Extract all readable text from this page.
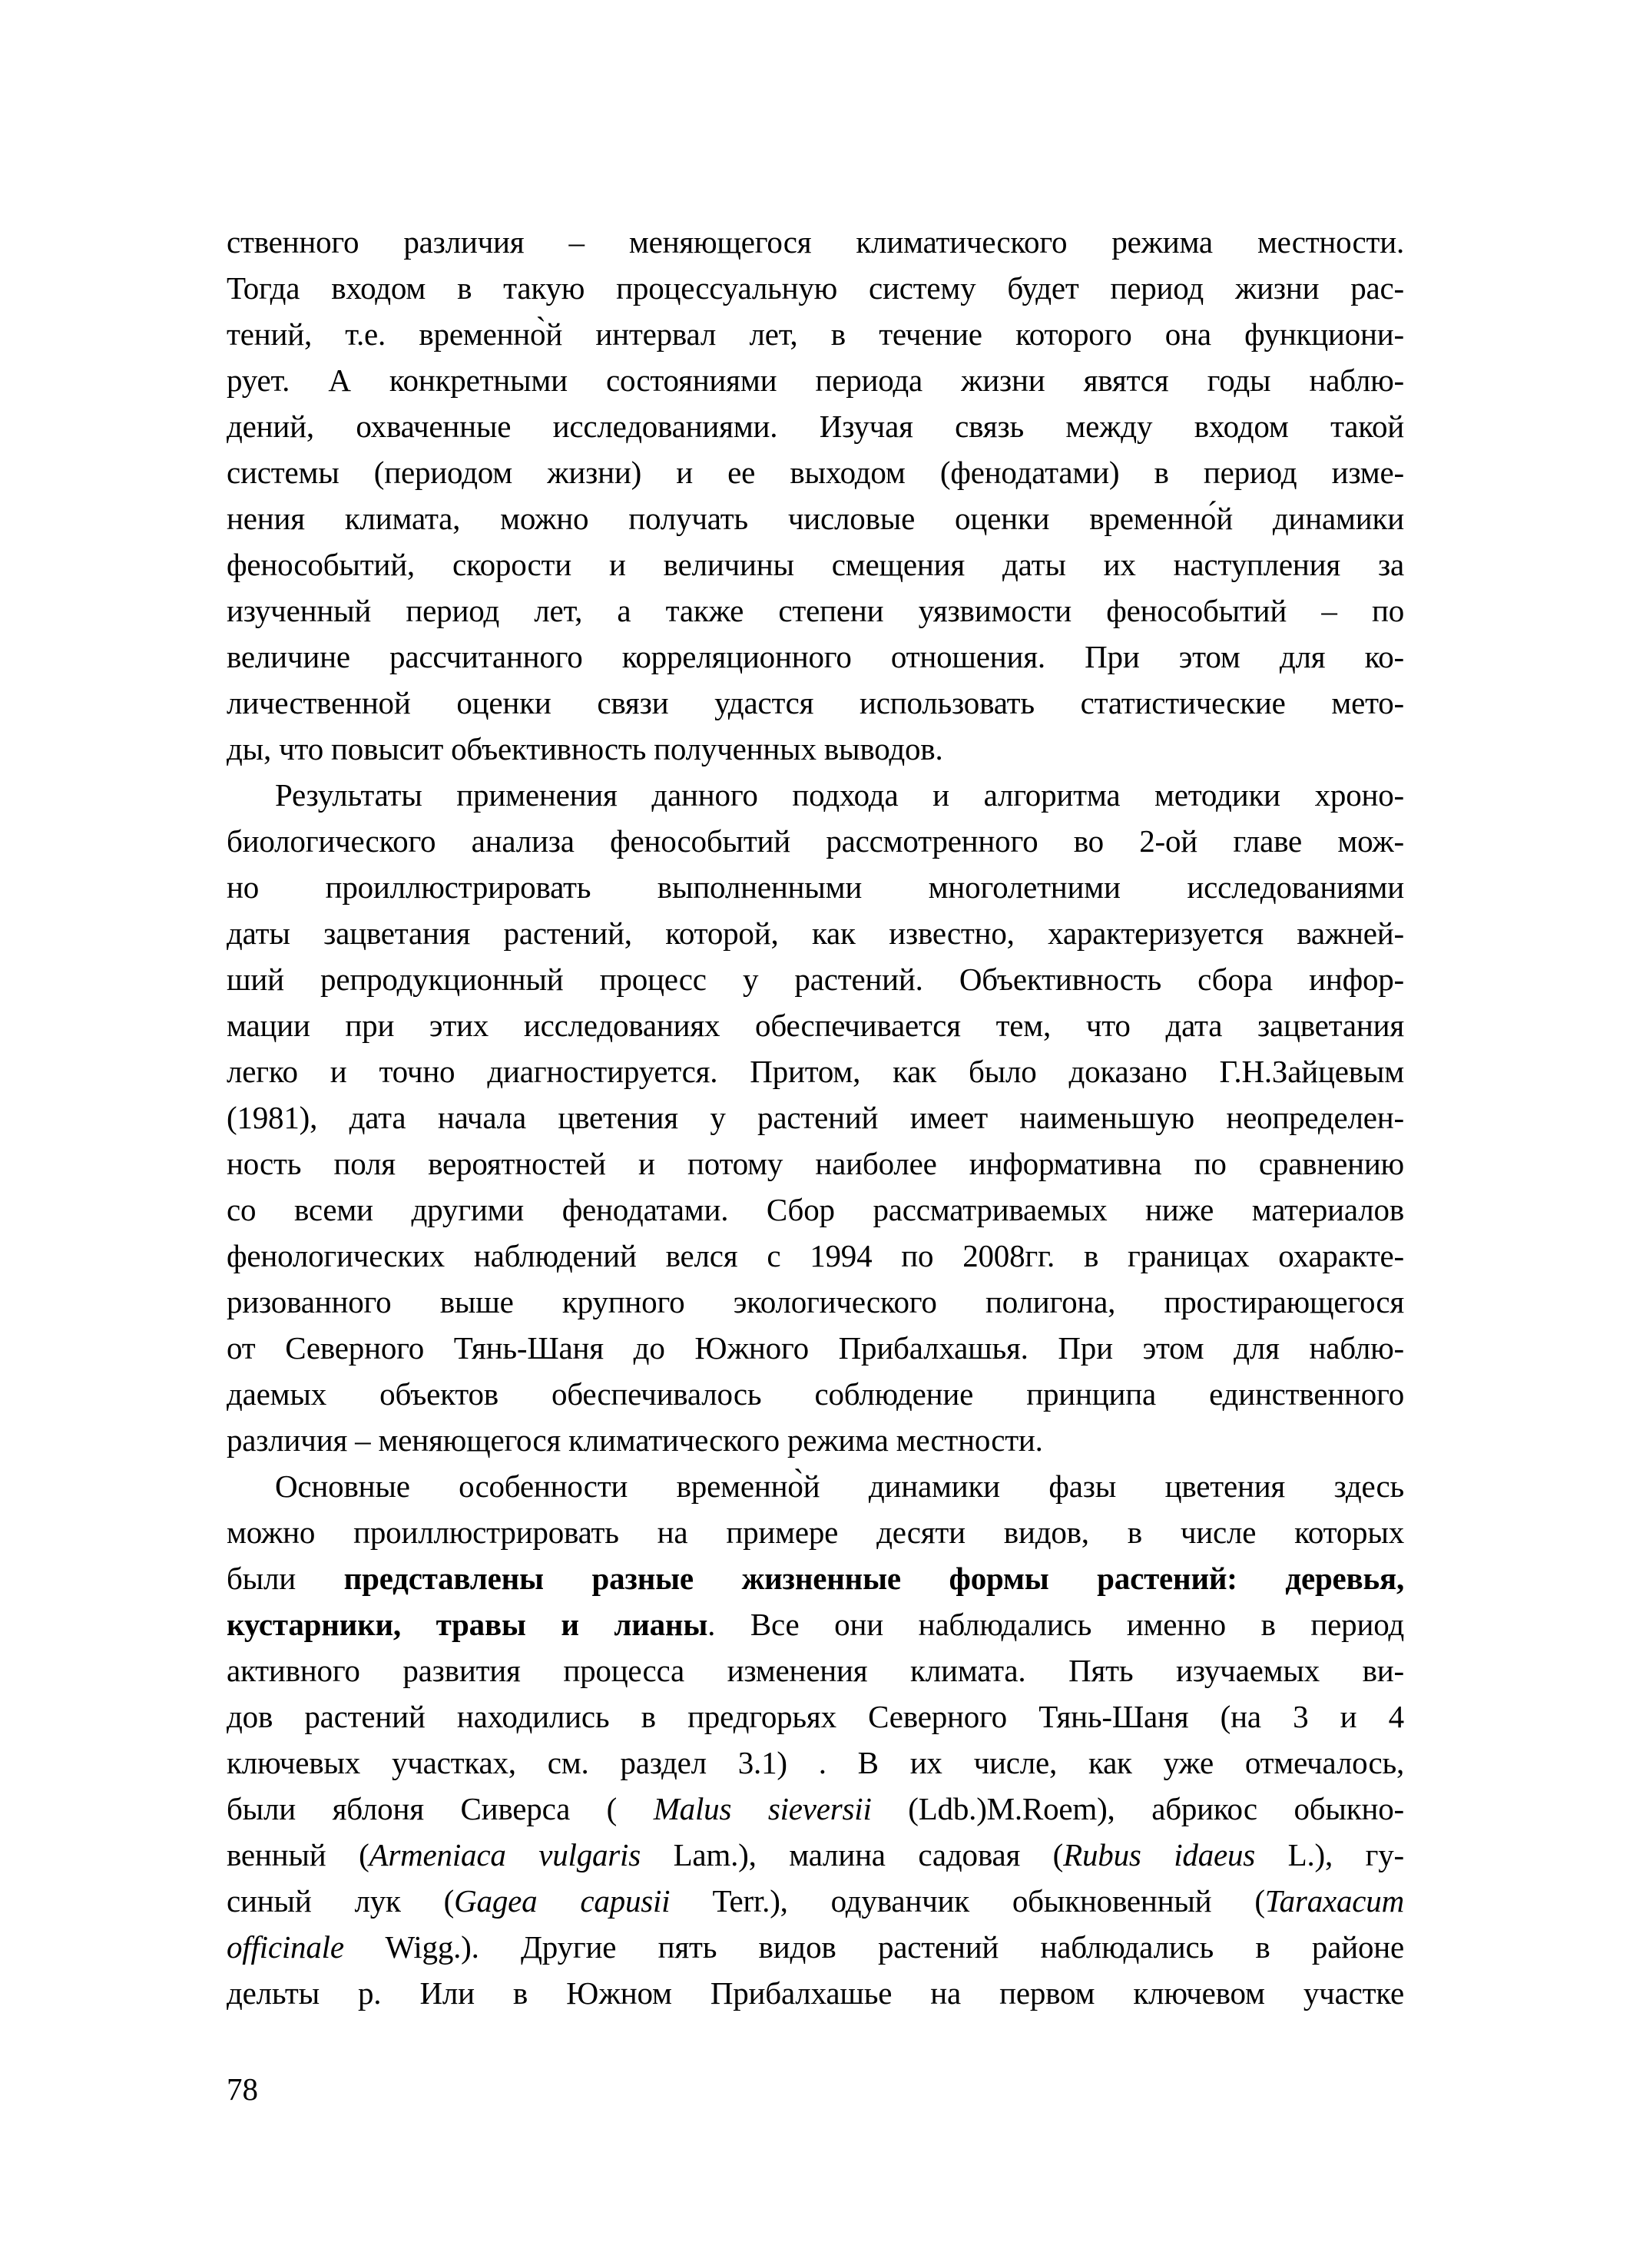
ственного различия – меняющегося климатического режима местности.
Тогда входом в такую процессуальную систему будет период жизни рас-
тений, т.е. временно̀й интервал лет, в течение которого она функциони-
рует. А конкретными состояниями периода жизни явятся годы наблю-
дений, охваченные исследованиями. Изучая связь между входом такой
системы (периодом жизни) и ее выходом (фенодатами) в период изме-
нения климата, можно получать числовые оценки временно́й динамики
фенособытий, скорости и величины смещения даты их наступления за
изученный период лет, а также степени уязвимости фенособытий – по
величине рассчитанного корреляционного отношения. При этом для ко-
личественной оценки связи удастся использовать статистические мето-
ды, что повысит объективность полученных выводов.
Результаты применения данного подхода и алгоритма методики хроно-
биологического анализа фенособытий рассмотренного во 2-ой главе мож-
но проиллюстрировать выполненными многолетними исследованиями
даты зацветания растений, которой, как известно, характеризуется важней-
ший репродукционный процесс у растений. Объективность сбора инфор-
мации при этих исследованиях обеспечивается тем, что дата зацветания
легко и точно диагностируется. Притом, как было доказано Г.Н.Зайцевым
(1981), дата начала цветения у растений имеет наименьшую неопределен-
ность поля вероятностей и потому наиболее информативна по сравнению
со всеми другими фенодатами. Сбор рассматриваемых ниже материалов
фенологических наблюдений велся с 1994 по 2008гг. в границах охаракте-
ризованного выше крупного экологического полигона, простирающегося
от Северного Тянь-Шаня до Южного Прибалхашья. При этом для наблю-
даемых объектов обеспечивалось соблюдение принципа единственного
различия – меняющегося климатического режима местности.
Основные особенности временно̀й динамики фазы цветения здесь
можно проиллюстрировать на примере десяти видов, в числе которых
были представлены разные жизненные формы растений: деревья,
кустарники, травы и лианы. Все они наблюдались именно в период
активного развития процесса изменения климата. Пять изучаемых ви-
дов растений находились в предгорьях Северного Тянь-Шаня (на 3 и 4
ключевых участках, см. раздел 3.1) . В их числе, как уже отмечалось,
были яблоня Сиверса ( Malus sieversii (Ldb.)M.Roem), абрикос обыкно-
венный (Armeniaca vulgaris Lam.), малина садовая (Rubus idaeus L.), гу-
синый лук (Gagea capusii Terr.), одуванчик обыкновенный (Taraxacum
officinale Wigg.). Другие пять видов растений наблюдались в районе
дельты р. Или в Южном Прибалхашье на первом ключевом участке
78
